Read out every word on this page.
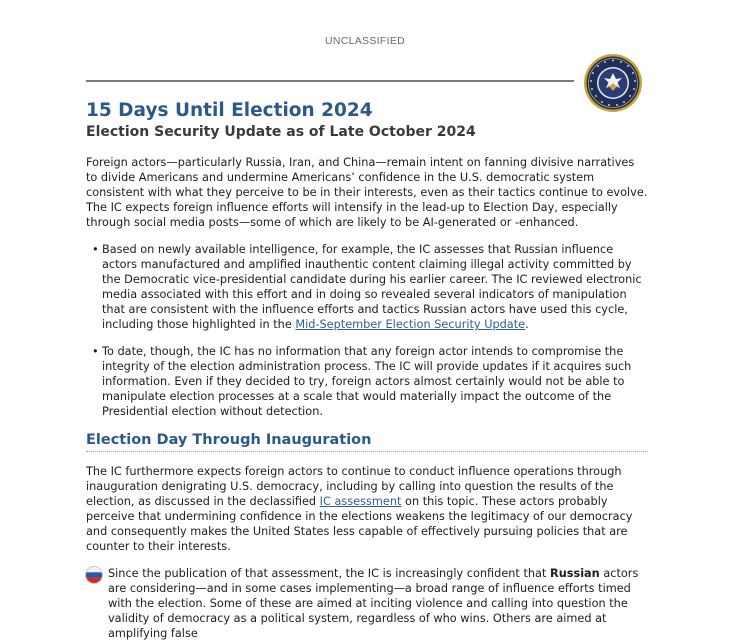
UNCLASSIFIED
15 Days Until Election 2024
Election Security Update as of Late October 2024

Foreign actors—particularly Russia, Iran, and China—remain intent on fanning divisive narratives to divide Americans and undermine Americans’ confidence in the U.S. democratic system consistent with what they perceive to be in their interests, even as their tactics continue to evolve. The IC expects foreign influence efforts will intensify in the lead-up to Election Day, especially through social media posts—some of which are likely to be AI-generated or -enhanced.

• Based on newly available intelligence, for example, the IC assesses that Russian influence actors manufactured and amplified inauthentic content claiming illegal activity committed by the Democratic vice-presidential candidate during his earlier career. The IC reviewed electronic media associated with this effort and in doing so revealed several indicators of manipulation that are consistent with the influence efforts and tactics Russian actors have used this cycle, including those highlighted in the Mid-September Election Security Update.
• To date, though, the IC has no information that any foreign actor intends to compromise the integrity of the election administration process. The IC will provide updates if it acquires such information. Even if they decided to try, foreign actors almost certainly would not be able to manipulate election processes at a scale that would materially impact the outcome of the Presidential election without detection.
Election Day Through Inauguration

The IC furthermore expects foreign actors to continue to conduct influence operations through inauguration denigrating U.S. democracy, including by calling into question the results of the election, as discussed in the declassified IC assessment on this topic. These actors probably perceive that undermining confidence in the elections weakens the legitimacy of our democracy and consequently makes the United States less capable of effectively pursuing policies that are counter to their interests.

Since the publication of that assessment, the IC is increasingly confident that Russian actors are considering—and in some cases implementing—a broad range of influence efforts timed with the election. Some of these are aimed at inciting violence and calling into question the validity of democracy as a political system, regardless of who wins. Others are aimed at amplifying false
